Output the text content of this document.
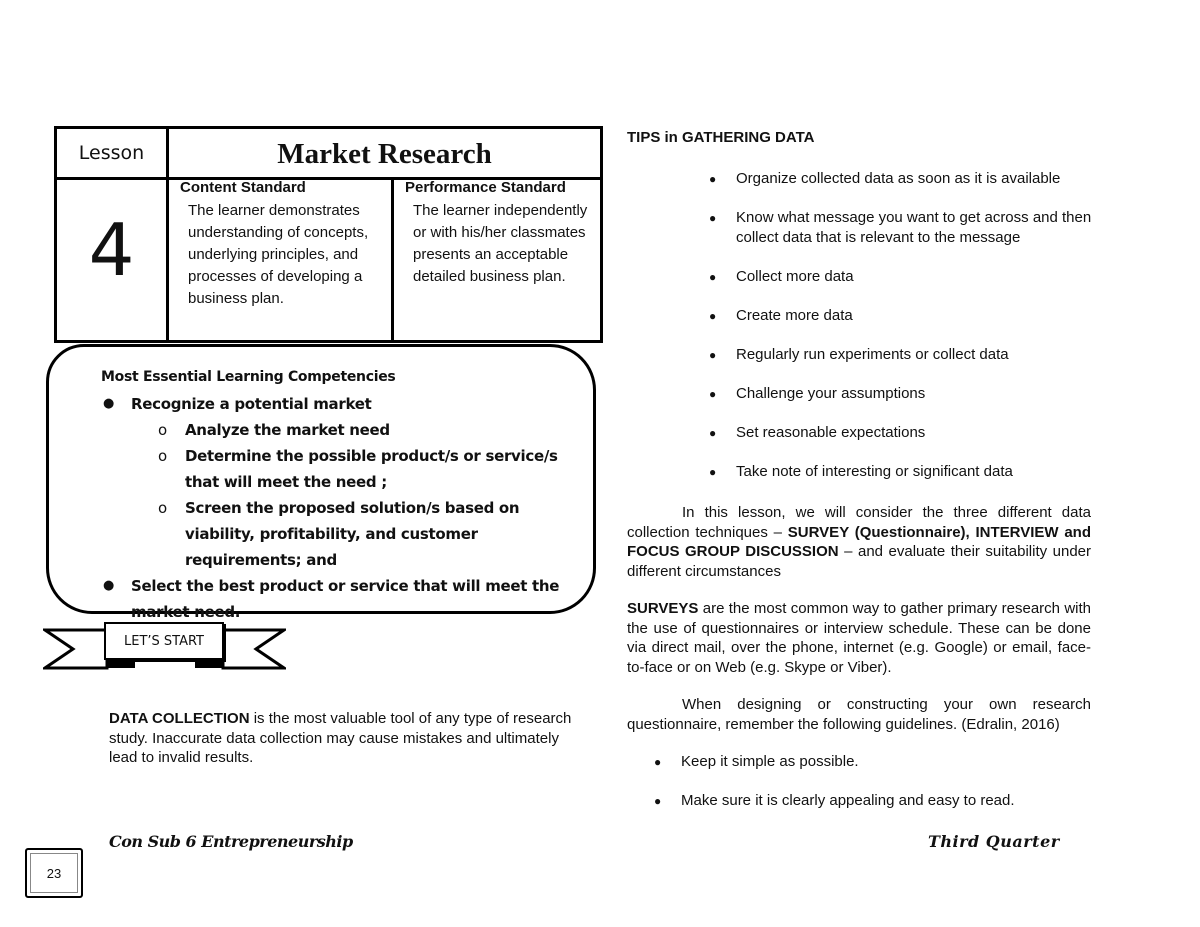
Lesson
4
Market Research
Content Standard
The learner demonstrates understanding of concepts, underlying principles, and processes of developing a business plan.
Performance Standard
The learner independently or with his/her classmates presents an acceptable detailed business plan.
Most Essential Learning Competencies
● Recognize a potential market
o Analyze the market need
o Determine the possible product/s or service/s that will meet the need ;
o Screen the proposed solution/s based on viability, profitability, and customer requirements; and
● Select the best product or service that will meet the market need.
LET’S START
DATA COLLECTION is the most valuable tool of any type of research study. Inaccurate data collection may cause mistakes and ultimately lead to invalid results.
Con Sub 6 Entrepreneurship	Third Quarter
23
TIPS in GATHERING DATA
● Organize collected data as soon as it is available
● Know what message you want to get across and then collect data that is relevant to the message
● Collect more data
● Create more data
● Regularly run experiments or collect data
● Challenge your assumptions
● Set reasonable expectations
● Take note of interesting or significant data
In this lesson, we will consider the three different data collection techniques – SURVEY (Questionnaire), INTERVIEW and FOCUS GROUP DISCUSSION – and evaluate their suitability under different circumstances
SURVEYS are the most common way to gather primary research with the use of questionnaires or interview schedule. These can be done via direct mail, over the phone, internet (e.g. Google) or email, face-to-face or on Web (e.g. Skype or Viber).
When designing or constructing your own research questionnaire, remember the following guidelines. (Edralin, 2016)
● Keep it simple as possible.
● Make sure it is clearly appealing and easy to read.
